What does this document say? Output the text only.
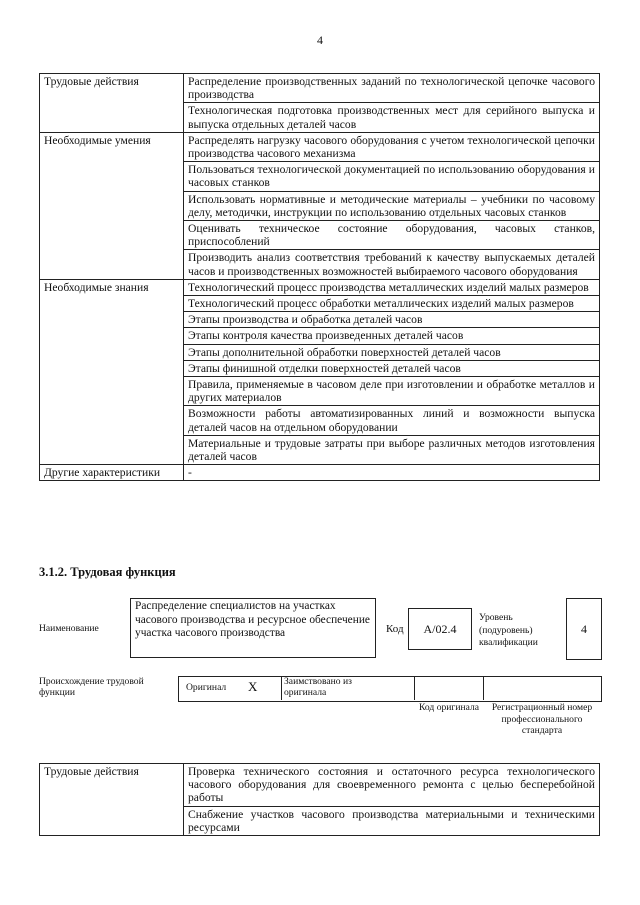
4
Трудовые действия	Распределение производственных заданий по технологической цепочке часового производства
	Технологическая подготовка производственных мест для серийного выпуска и выпуска отдельных деталей часов
Необходимые умения	Распределять нагрузку часового оборудования с учетом технологической цепочки производства часового механизма
	Пользоваться технологической документацией по использованию оборудования и часовых станков
	Использовать нормативные и методические материалы – учебники по часовому делу, методички, инструкции по использованию отдельных часовых станков
	Оценивать техническое состояние оборудования, часовых станков, приспособлений
	Производить анализ соответствия требований к качеству выпускаемых деталей часов и производственных возможностей выбираемого часового оборудования
Необходимые знания	Технологический процесс производства металлических изделий малых размеров
	Технологический процесс обработки металлических изделий малых размеров
	Этапы производства и обработка деталей часов
	Этапы контроля качества произведенных деталей часов
	Этапы дополнительной обработки поверхностей деталей часов
	Этапы финишной отделки поверхностей деталей часов
	Правила, применяемые в часовом деле при изготовлении и обработке металлов и других материалов
	Возможности работы автоматизированных линий и возможности выпуска деталей часов на отдельном оборудовании
	Материальные и трудовые затраты при выборе различных методов изготовления деталей часов
Другие характеристики	-
3.1.2. Трудовая функция
Наименование
Распределение специалистов на участках часового производства и ресурсное обеспечение участка часового производства	Код	А/02.4
Уровень (подуровень) квалификации
4
Происхождение трудовой функции	Оригинал X	Заимствовано из оригинала
Код оригинала	Регистрационный номер профессионального стандарта
Трудовые действия	Проверка технического состояния и остаточного ресурса технологического часового оборудования для своевременного ремонта с целью бесперебойной работы
Снабжение участков часового производства материальными и техническими ресурсами
